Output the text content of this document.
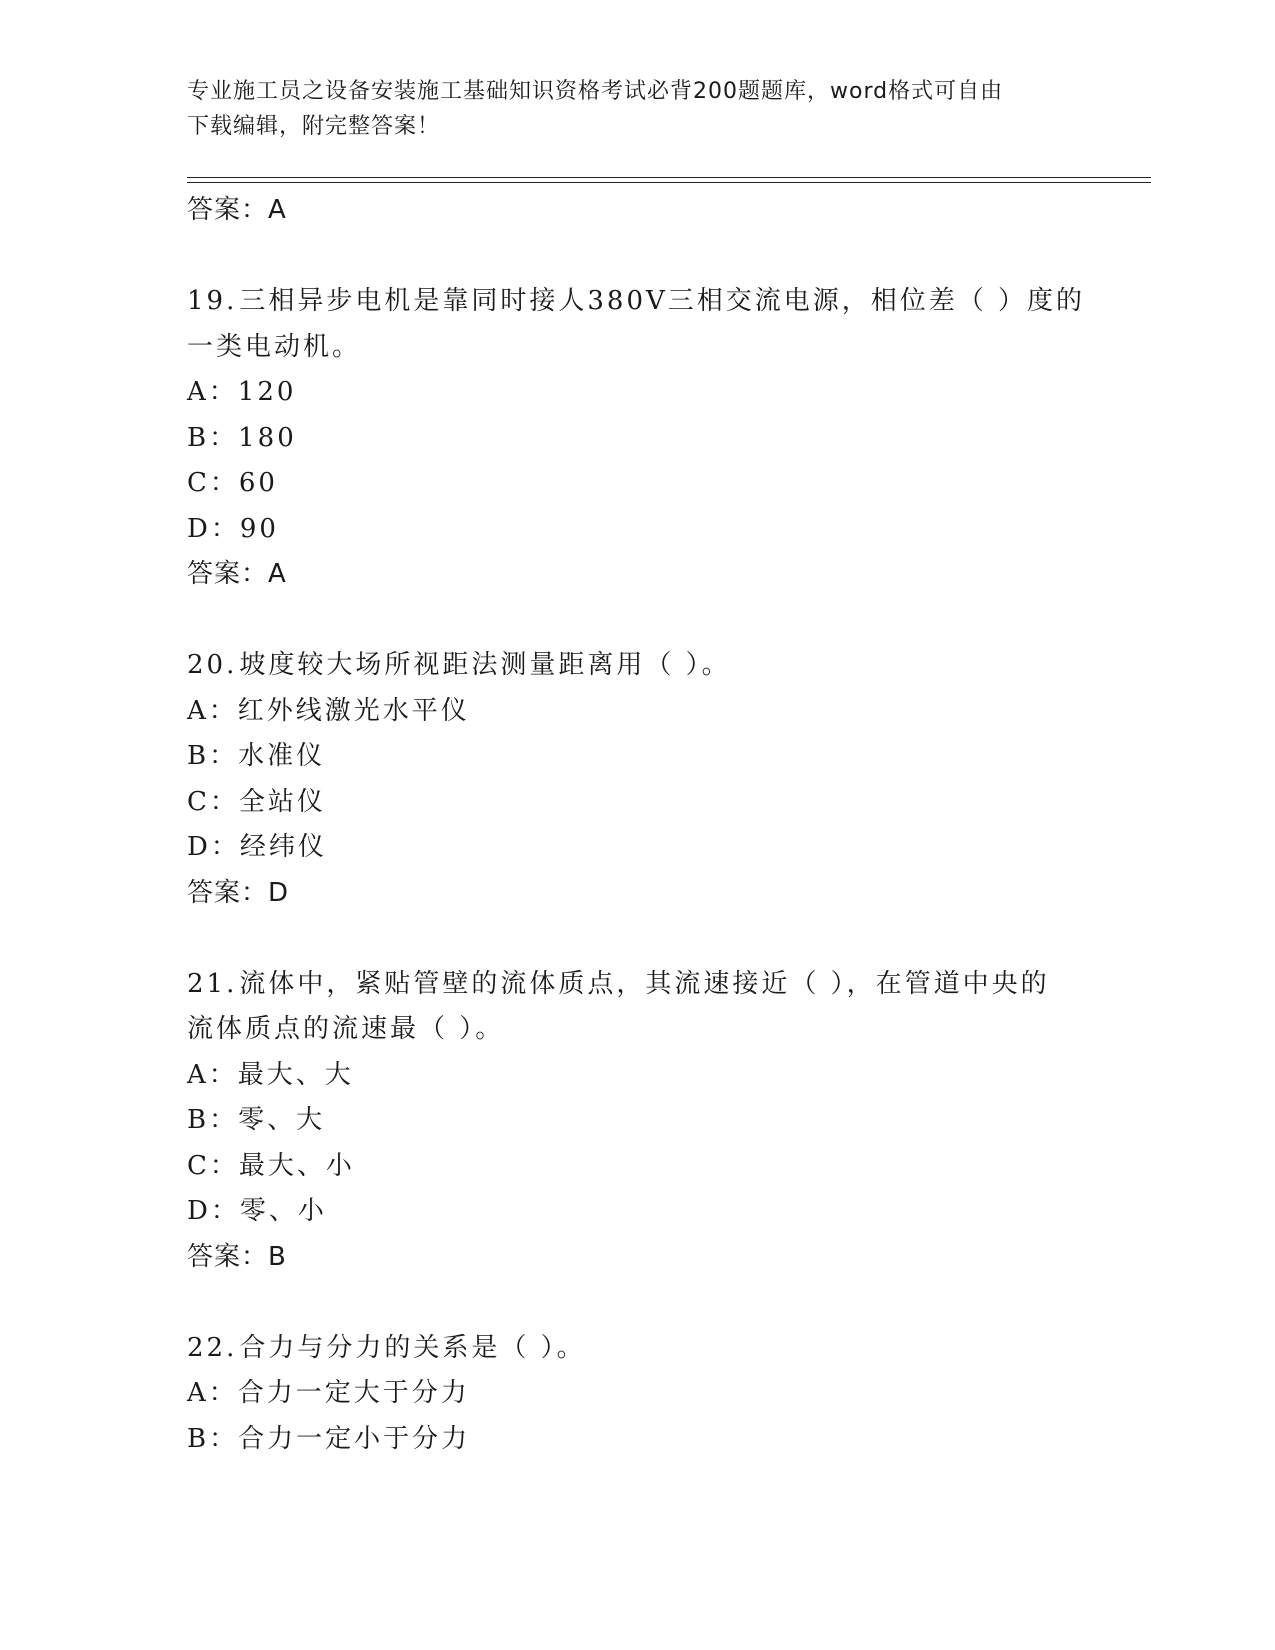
专业施工员之设备安装施工基础知识资格考试必背200题题库，word格式可自由
下载编辑，附完整答案！
答案：A
19.三相异步电机是靠同时接人380V三相交流电源，相位差（ ）度的
一类电动机。
A：120
B：180
C：60
D：90
答案：A
20.坡度较大场所视距法测量距离用（ ）。
A：红外线激光水平仪
B：水准仪
C：全站仪
D：经纬仪
答案：D
21.流体中，紧贴管壁的流体质点，其流速接近（ ），在管道中央的
流体质点的流速最（ ）。
A：最大、大
B：零、大
C：最大、小
D：零、小
答案：B
22.合力与分力的关系是（ ）。
A：合力一定大于分力
B：合力一定小于分力
